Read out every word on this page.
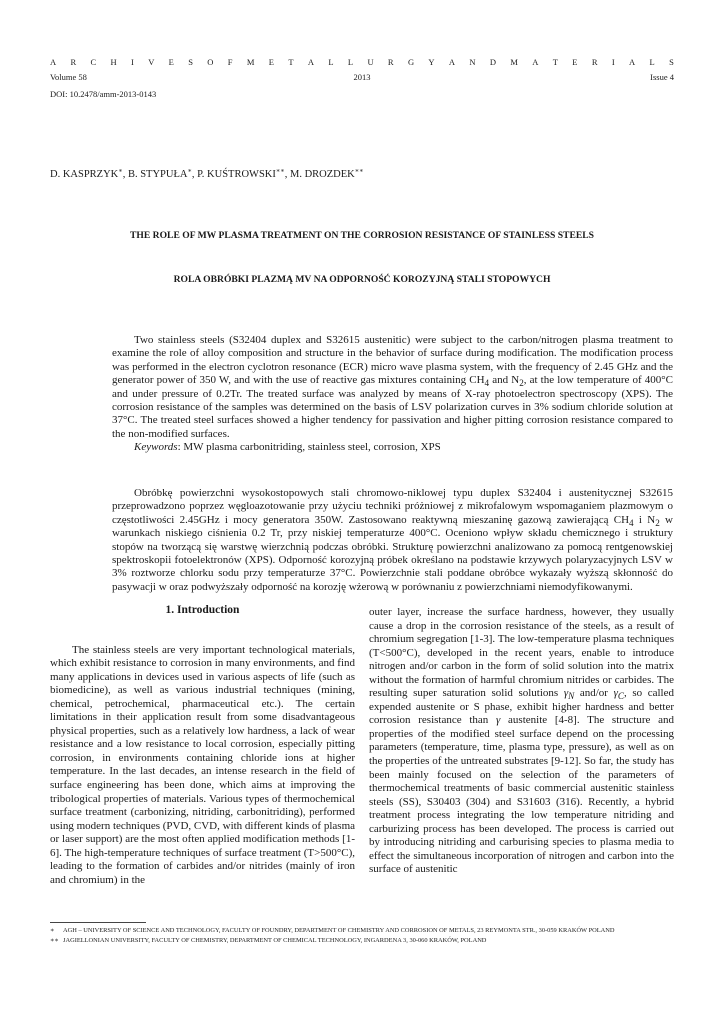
A R C H I V E S O F M E T A L L U R G Y A N D M A T E R I A L S
Volume 58	2013	Issue 4
DOI: 10.2478/amm-2013-0143
D. KASPRZYK∗, B. STYPUŁA∗, P. KUŚTROWSKI∗∗, M. DROZDEK∗∗
THE ROLE OF MW PLASMA TREATMENT ON THE CORROSION RESISTANCE OF STAINLESS STEELS
ROLA OBRÓBKI PLAZMĄ MV NA ODPORNOŚĆ KOROZYJNĄ STALI STOPOWYCH

Two stainless steels (S32404 duplex and S32615 austenitic) were subject to the carbon/nitrogen plasma treatment to examine the role of alloy composition and structure in the behavior of surface during modification. The modification process was performed in the electron cyclotron resonance (ECR) micro wave plasma system, with the frequency of 2.45 GHz and the generator power of 350 W, and with the use of reactive gas mixtures containing $CH_4$ and $N_2$, at the low temperature of 400°C and under pressure of 0.2Tr. The treated surface was analyzed by means of X-ray photoelectron spectroscopy (XPS). The corrosion resistance of the samples was determined on the basis of LSV polarization curves in 3% sodium chloride solution at 37°C. The treated steel surfaces showed a higher tendency for passivation and higher pitting corrosion resistance compared to the non-modified surfaces.

Keywords: MW plasma carbonitriding, stainless steel, corrosion, XPS

Obróbkę powierzchni wysokostopowych stali chromowo-niklowej typu duplex S32404 i austenitycznej S32615 przeprowadzono poprzez węgloazotowanie przy użyciu techniki próżniowej z mikrofalowym wspomaganiem plazmowym o częstotliwości 2.45GHz i mocy generatora 350W. Zastosowano reaktywną mieszaninę gazową zawierającą $CH_4$ i $N_2$ w warunkach niskiego ciśnienia 0.2 Tr, przy niskiej temperaturze 400°C. Oceniono wpływ składu chemicznego i struktury stopów na tworzącą się warstwę wierzchnią podczas obróbki. Strukturę powierzchni analizowano za pomocą rentgenowskiej spektroskopii fotoelektronów (XPS). Odporność korozyjną próbek określano na podstawie krzywych polaryzacyjnych LSV w 3% roztworze chlorku sodu przy temperaturze 37°C. Powierzchnie stali poddane obróbce wykazały wyższą skłonność do pasywacji w oraz podwyższały odporność na korozję wżerową w porównaniu z powierzchniami niemodyfikowanymi.

1. Introduction

The stainless steels are very important technological materials, which exhibit resistance to corrosion in many environments, and find many applications in devices used in various aspects of life (such as biomedicine), as well as various industrial techniques (mining, chemical, petrochemical, pharmaceutical etc.). The certain limitations in their application result from some disadvantageous physical properties, such as a relatively low hardness, a lack of wear resistance and a low resistance to local corrosion, especially pitting corrosion, in environments containing chloride ions at higher temperature. In the last decades, an intense research in the field of surface engineering has been done, which aims at improving the tribological properties of materials. Various types of thermochemical surface treatment (carbonizing, nitriding, carbonitriding), performed using modern techniques (PVD, CVD, with different kinds of plasma or laser support) are the most often applied modification methods [1-6]. The high-temperature techniques of surface treatment (T>500°C), leading to the formation of carbides and/or nitrides (mainly of iron and chromium) in the

outer layer, increase the surface hardness, however, they usually cause a drop in the corrosion resistance of the steels, as a result of chromium segregation [1-3]. The low-temperature plasma techniques (T<500°C), developed in the recent years, enable to introduce nitrogen and/or carbon in the form of solid solution into the matrix without the formation of harmful chromium nitrides or carbides. The resulting super saturation solid solutions $\gamma_N$ and/or $\gamma_C$, so called expended austenite or S phase, exhibit higher hardness and better corrosion resistance than γ austenite [4-8]. The structure and properties of the modified steel surface depend on the processing parameters (temperature, time, plasma type, pressure), as well as on the properties of the untreated substrates [9-12]. So far, the study has been mainly focused on the selection of the parameters of thermochemical treatments of basic commercial austenitic stainless steels (SS), S30403 (304) and S31603 (316). Recently, a hybrid treatment process integrating the low temperature nitriding and carburizing process has been developed. The process is carried out by introducing nitriding and carburising species to plasma media to effect the simultaneous incorporation of nitrogen and carbon into the surface of austenitic

∗	AGH – UNIVERSITY OF SCIENCE AND TECHNOLOGY, FACULTY OF FOUNDRY, DEPARTMENT OF CHEMISTRY AND CORROSION OF METALS, 23 REYMONTA STR., 30-059 KRAKÓW POLAND
∗∗ JAGIELLONIAN UNIVERSITY, FACULTY OF CHEMISTRY, DEPARTMENT OF CHEMICAL TECHNOLOGY, INGARDENA 3, 30-060 KRAKÓW, POLAND
